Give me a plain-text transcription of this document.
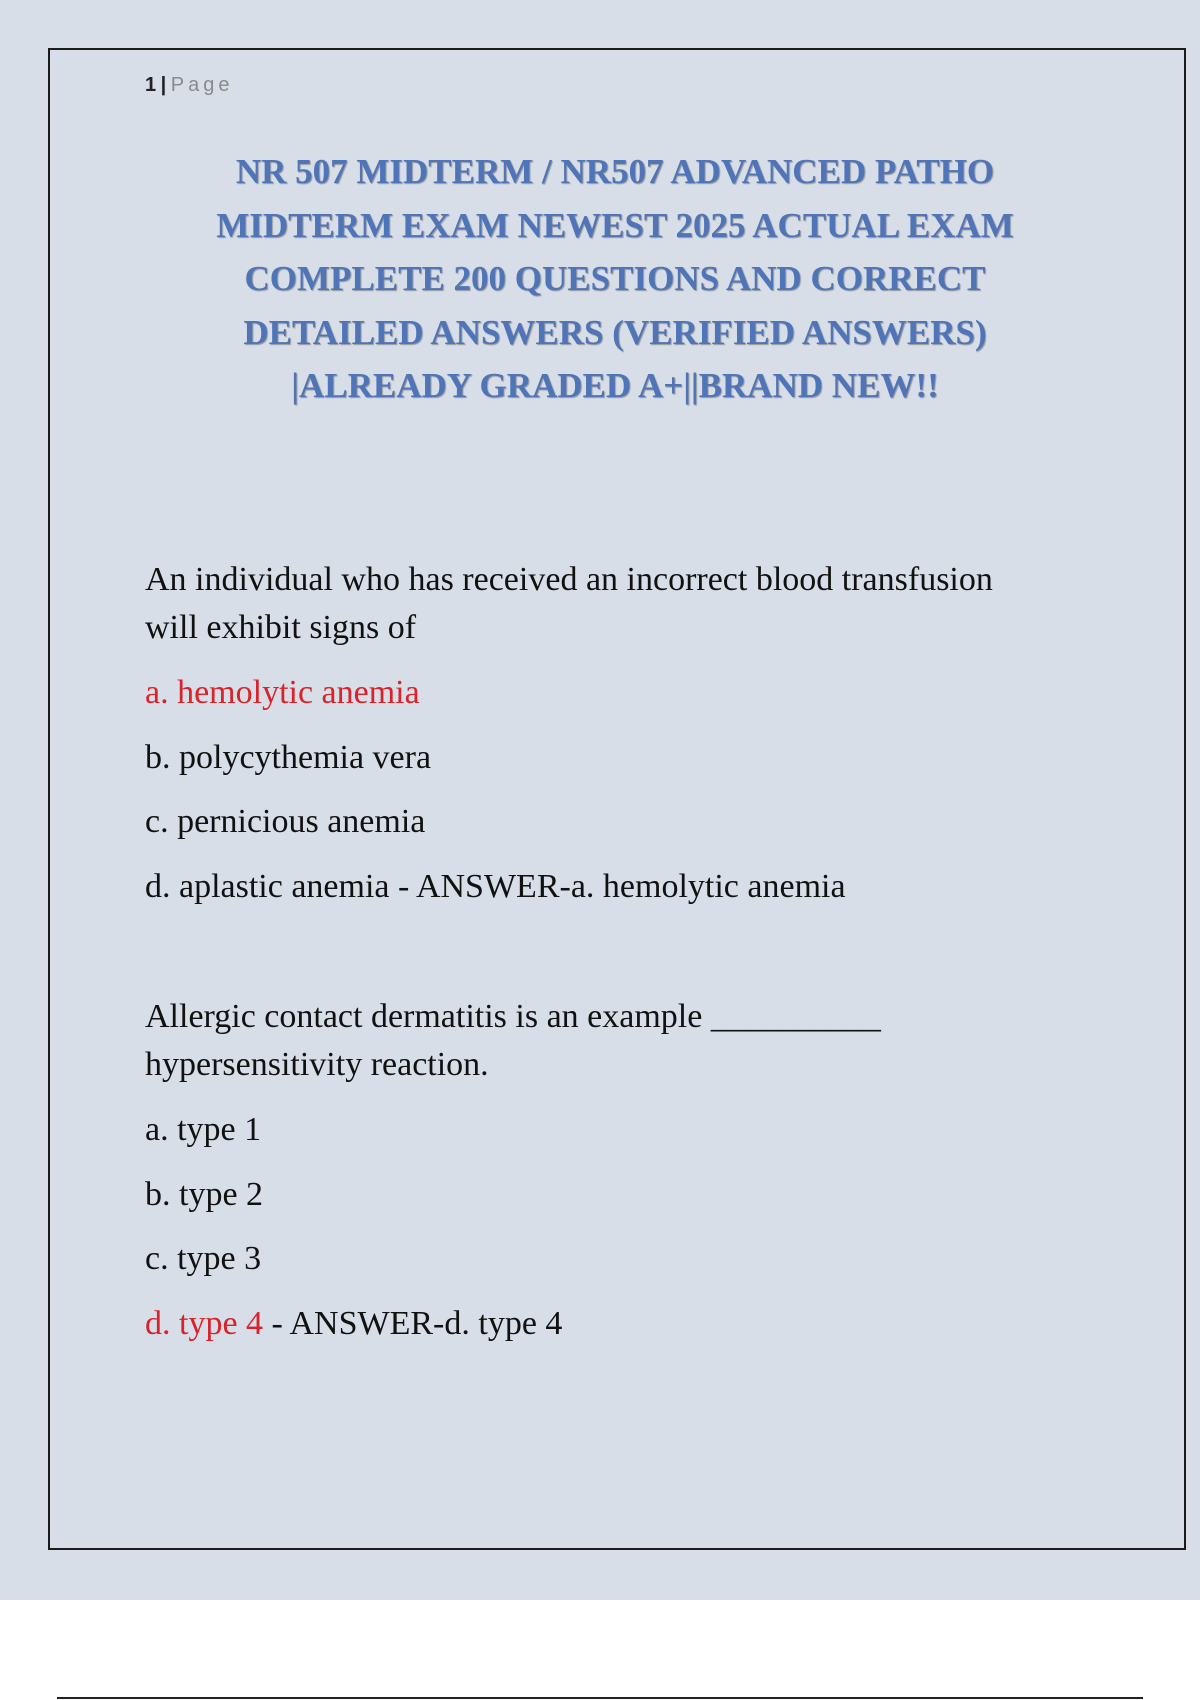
1 | Page
NR 507 MIDTERM / NR507 ADVANCED PATHO
MIDTERM EXAM NEWEST 2025 ACTUAL EXAM
COMPLETE 200 QUESTIONS AND CORRECT
DETAILED ANSWERS (VERIFIED ANSWERS)
|ALREADY GRADED A+||BRAND NEW!!
An individual who has received an incorrect blood transfusion
will exhibit signs of
a. hemolytic anemia
b. polycythemia vera
c. pernicious anemia
d. aplastic anemia - ANSWER-a. hemolytic anemia
Allergic contact dermatitis is an example __________
hypersensitivity reaction.
a. type 1
b. type 2
c. type 3
d. type 4 - ANSWER-d. type 4
